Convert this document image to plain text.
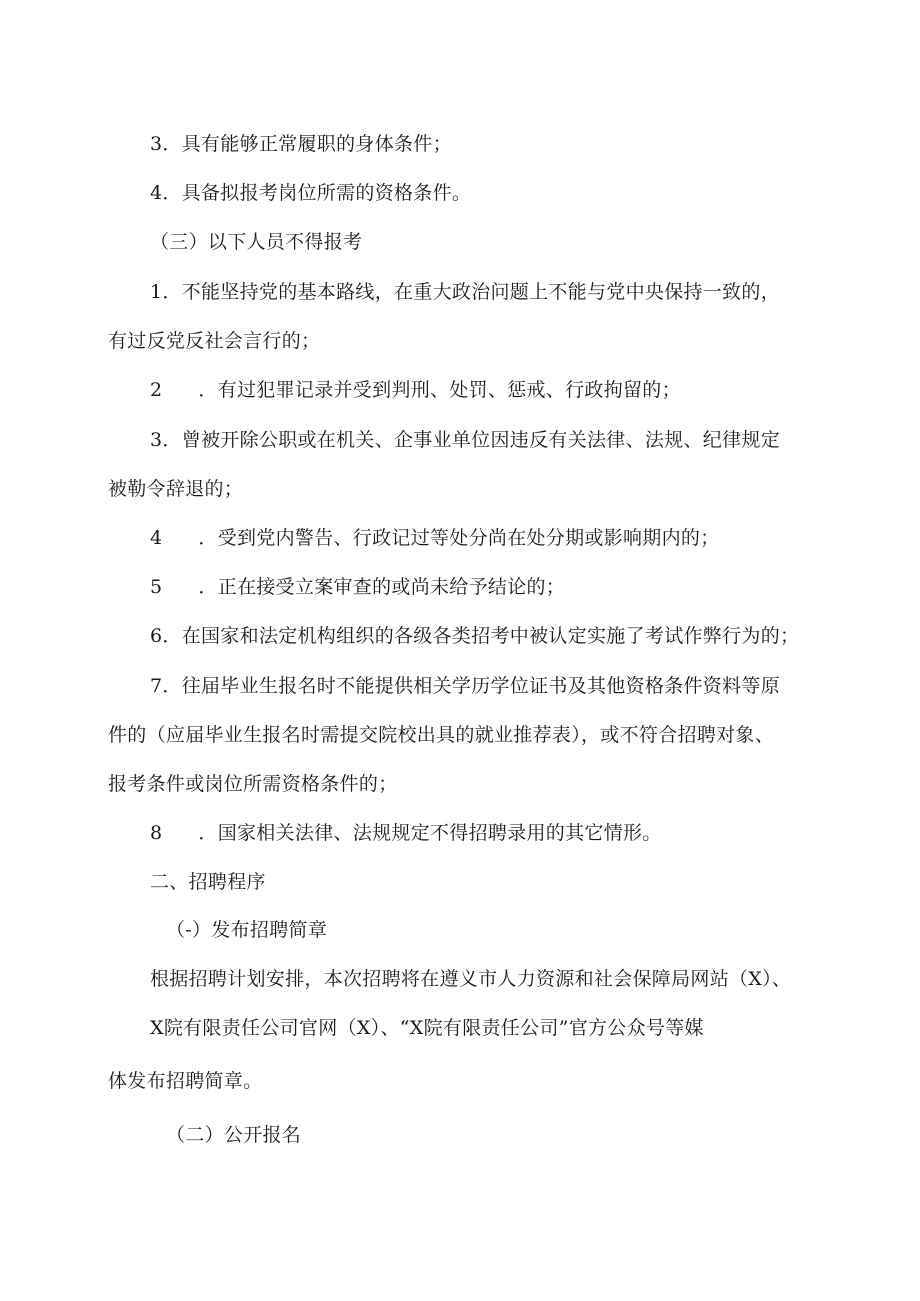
3．具有能够正常履职的身体条件；
4．具备拟报考岗位所需的资格条件。
（三）以下人员不得报考
1．不能坚持党的基本路线，在重大政治问题上不能与党中央保持一致的，
有过反党反社会言行的；
2 ．有过犯罪记录并受到判刑、处罚、惩戒、行政拘留的；
3．曾被开除公职或在机关、企事业单位因违反有关法律、法规、纪律规定
被勒令辞退的；
4 ．受到党内警告、行政记过等处分尚在处分期或影响期内的；
5 ．正在接受立案审查的或尚未给予结论的；
6．在国家和法定机构组织的各级各类招考中被认定实施了考试作弊行为的；
7．往届毕业生报名时不能提供相关学历学位证书及其他资格条件资料等原
件的（应届毕业生报名时需提交院校出具的就业推荐表），或不符合招聘对象、
报考条件或岗位所需资格条件的；
8 ．国家相关法律、法规规定不得招聘录用的其它情形。
二、招聘程序
（-）发布招聘简章
根据招聘计划安排，本次招聘将在遵义市人力资源和社会保障局网站（X）、
X院有限责任公司官网（X）、“X院有限责任公司”官方公众号等媒
体发布招聘简章。
（二）公开报名
